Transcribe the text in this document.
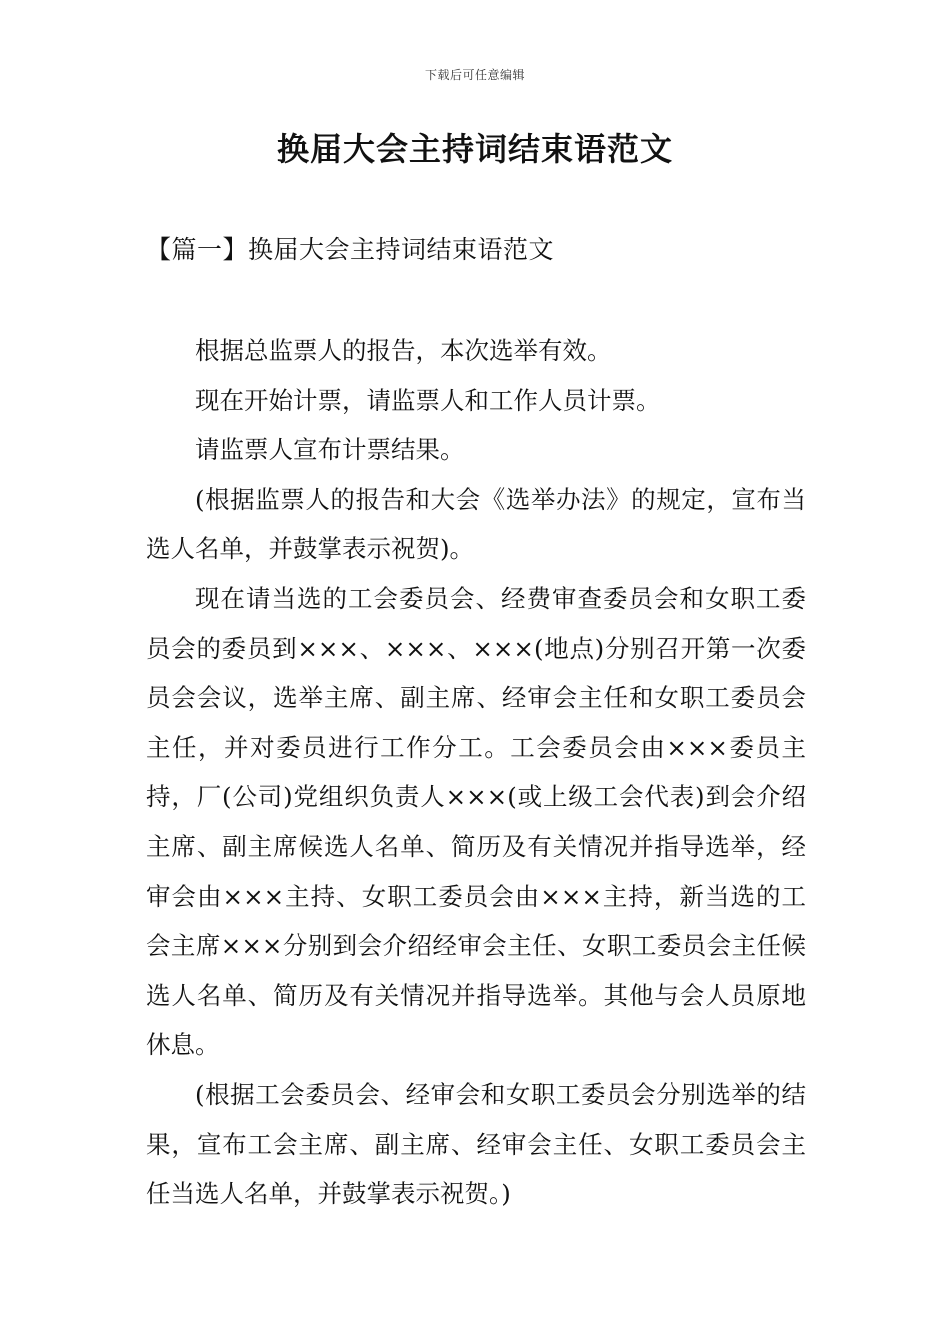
下载后可任意编辑
换届大会主持词结束语范文
【篇一】换届大会主持词结束语范文

根据总监票人的报告，本次选举有效。

现在开始计票，请监票人和工作人员计票。

请监票人宣布计票结果。

(根据监票人的报告和大会《选举办法》的规定，宣布当选人名单，并鼓掌表示祝贺)。

现在请当选的工会委员会、经费审查委员会和女职工委员会的委员到×××、×××、×××(地点)分别召开第一次委员会会议，选举主席、副主席、经审会主任和女职工委员会主任，并对委员进行工作分工。工会委员会由×××委员主持，厂(公司)党组织负责人×××(或上级工会代表)到会介绍主席、副主席候选人名单、简历及有关情况并指导选举，经审会由×××主持、女职工委员会由×××主持，新当选的工会主席×××分别到会介绍经审会主任、女职工委员会主任候选人名单、简历及有关情况并指导选举。其他与会人员原地休息。

(根据工会委员会、经审会和女职工委员会分别选举的结果，宣布工会主席、副主席、经审会主任、女职工委员会主任当选人名单，并鼓掌表示祝贺。)
